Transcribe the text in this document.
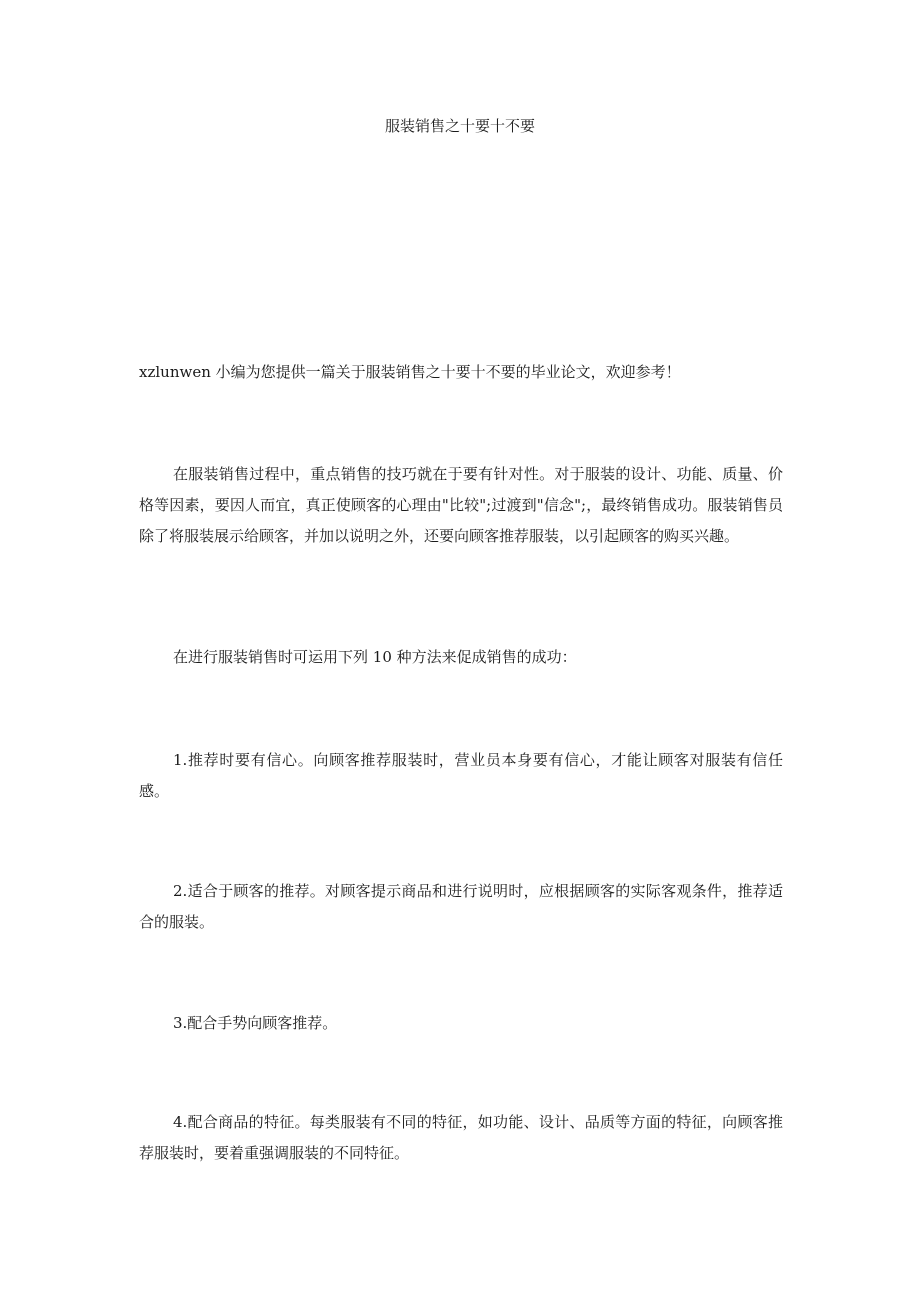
服装销售之十要十不要

xzlunwen 小编为您提供一篇关于服装销售之十要十不要的毕业论文，欢迎参考！

在服装销售过程中，重点销售的技巧就在于要有针对性。对于服装的设计、功能、质量、价格等因素，要因人而宜，真正使顾客的心理由"比较";过渡到"信念";，最终销售成功。服装销售员除了将服装展示给顾客，并加以说明之外，还要向顾客推荐服装，以引起顾客的购买兴趣。

在进行服装销售时可运用下列 10 种方法来促成销售的成功：

1.推荐时要有信心。向顾客推荐服装时，营业员本身要有信心，才能让顾客对服装有信任感。

2.适合于顾客的推荐。对顾客提示商品和进行说明时，应根据顾客的实际客观条件，推荐适合的服装。

3.配合手势向顾客推荐。

4.配合商品的特征。每类服装有不同的特征，如功能、设计、品质等方面的特征，向顾客推荐服装时，要着重强调服装的不同特征。
